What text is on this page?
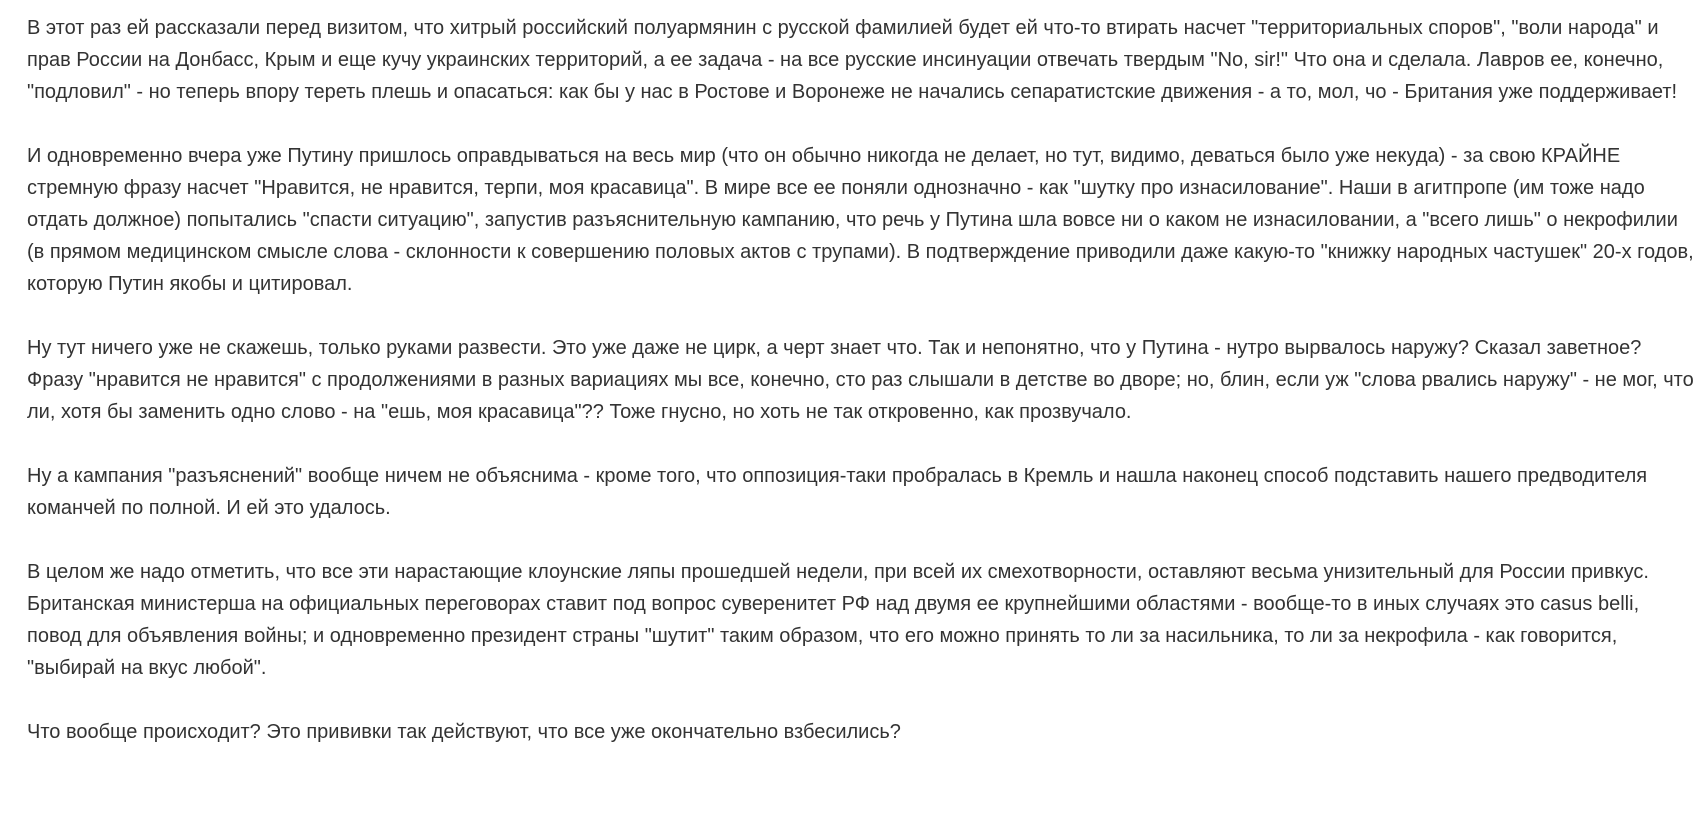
В этот раз ей рассказали перед визитом, что хитрый российский полуармянин с русской фамилией будет ей что-то втирать насчет "территориальных споров", "воли народа" и прав России на Донбасс, Крым и еще кучу украинских территорий, а ее задача - на все русские инсинуации отвечать твердым "No, sir!" Что она и сделала. Лавров ее, конечно, "подловил" - но теперь впору тереть плешь и опасаться: как бы у нас в Ростове и Воронеже не начались сепаратистские движения - а то, мол, чо - Британия уже поддерживает!

И одновременно вчера уже Путину пришлось оправдываться на весь мир (что он обычно никогда не делает, но тут, видимо, деваться было уже некуда) - за свою КРАЙНЕ стремную фразу насчет "Нравится, не нравится, терпи, моя красавица". В мире все ее поняли однозначно - как "шутку про изнасилование". Наши в агитпропе (им тоже надо отдать должное) попытались "спасти ситуацию", запустив разъяснительную кампанию, что речь у Путина шла вовсе ни о каком не изнасиловании, а "всего лишь" о некрофилии (в прямом медицинском смысле слова - склонности к совершению половых актов с трупами). В подтверждение приводили даже какую-то "книжку народных частушек" 20-х годов, которую Путин якобы и цитировал.

Ну тут ничего уже не скажешь, только руками развести. Это уже даже не цирк, а черт знает что. Так и непонятно, что у Путина - нутро вырвалось наружу? Сказал заветное? Фразу "нравится не нравится" с продолжениями в разных вариациях мы все, конечно, сто раз слышали в детстве во дворе; но, блин, если уж "слова рвались наружу" - не мог, что ли, хотя бы заменить одно слово - на "ешь, моя красавица"?? Тоже гнусно, но хоть не так откровенно, как прозвучало.

Ну а кампания "разъяснений" вообще ничем не объяснима - кроме того, что оппозиция-таки пробралась в Кремль и нашла наконец способ подставить нашего предводителя команчей по полной. И ей это удалось.

В целом же надо отметить, что все эти нарастающие клоунские ляпы прошедшей недели, при всей их смехотворности, оставляют весьма унизительный для России привкус. Британская министерша на официальных переговорах ставит под вопрос суверенитет РФ над двумя ее крупнейшими областями - вообще-то в иных случаях это casus belli, повод для объявления войны; и одновременно президент страны "шутит" таким образом, что его можно принять то ли за насильника, то ли за некрофила - как говорится, "выбирай на вкус любой".

Что вообще происходит? Это прививки так действуют, что все уже окончательно взбесились?
